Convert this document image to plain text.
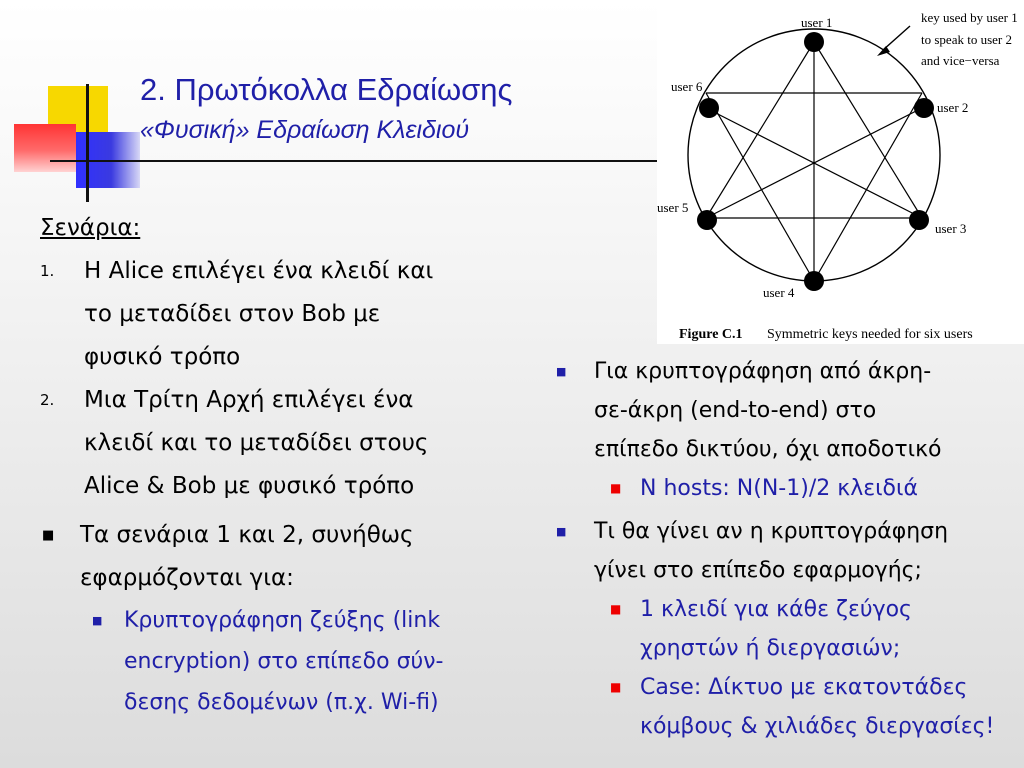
2. Πρωτόκολλα Εδραίωσης
«Φυσική» Εδραίωση Κλειδιού
user 1
user 2
user 3
user 4
user 5
user 6
key used by user 1
to speak to user 2
and vice−versa
Figure C.1 Symmetric keys needed for six users
Σενάρια:
1. Η Alice επιλέγει ένα κλειδί και
το μεταδίδει στον Bob με
φυσικό τρόπο
2. Μια Τρίτη Αρχή επιλέγει ένα
κλειδί και το μεταδίδει στους
Alice & Bob με φυσικό τρόπο
■ Τα σενάρια 1 και 2, συνήθως
εφαρμόζονται για:
■ Κρυπτογράφηση ζεύξης (link
encryption) στο επίπεδο σύν-
δεσης δεδομένων (π.χ. Wi-fi)
■ Για κρυπτογράφηση από άκρη-
σε-άκρη (end-to-end) στο
επίπεδο δικτύου, όχι αποδοτικό
■ N hosts: N(N-1)/2 κλειδιά
■ Τι θα γίνει αν η κρυπτογράφηση
γίνει στο επίπεδο εφαρμογής;
■ 1 κλειδί για κάθε ζεύγος
χρηστών ή διεργασιών;
■ Case: Δίκτυο με εκατοντάδες
κόμβους & χιλιάδες διεργασίες!
